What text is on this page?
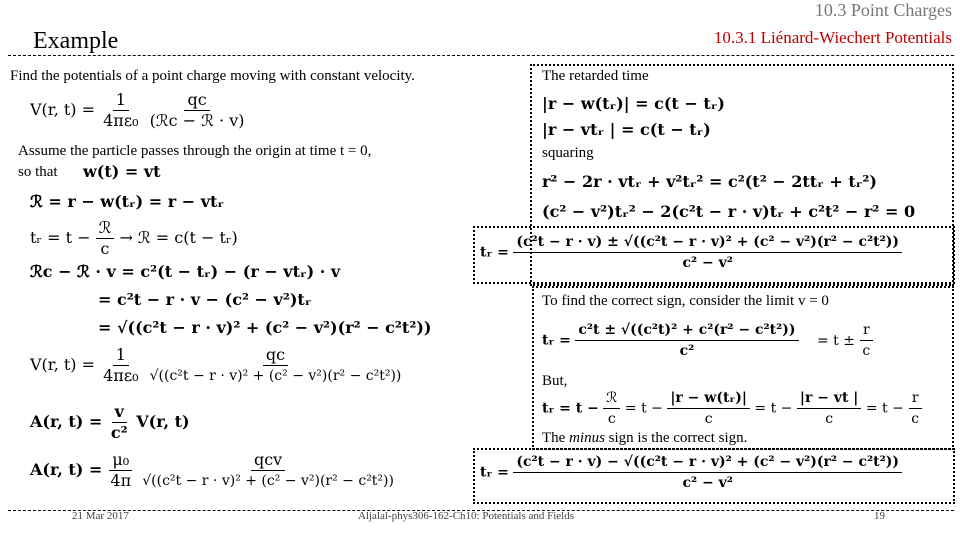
10.3 Point Charges
10.3.1 Liénard-Wiechert Potentials
Example
Find the potentials of a point charge moving with constant velocity.
V(r, $t) = \frac{1}{\text{4πε₀}}$
$\frac{qc}{\text{(ℛc − ℛ · v)}}$
Assume the particle passes through the origin at time t = 0,
so that w(t) = vt
ℛ = r − w(tᵣ) = r − vtᵣ
tᵣ = $t - \frac{\text{ℛ}}{c}$ → ℛ = c(t − tᵣ)
ℛc − ℛ · v = c²(t − tᵣ) − (r − vtᵣ) · v
= c²t − r · v − (c² − v²)tᵣ
= √((c²t − r · v)² + (c² − v²)(r² − c²t²))
V(r, $t) = \frac{1}{\text{4πε₀}}$
$\frac{qc}{\text{√((c²t − r · v)² + (c² − v²)(r² − c²t²))}}$
A(r, $t) = \frac{v}{\text{c²}} V(r$, t)
A(r, $t) = \frac{\text{μ₀}}{4\pi}$
$\frac{\text{qcv}}{\text{√((c²t − r · v)² + (c² − v²)(r² − c²t²))}}$
The retarded time
|r − w(tᵣ)| = c(t − tᵣ)
|r − vtᵣ | = c(t − tᵣ)
squaring
r² − 2r · vtᵣ + v²tᵣ² = c²(t² − 2ttᵣ + tᵣ²)
(c² − v²)tᵣ² − 2(c²t − r · v)tᵣ + c²t² − r² = 0
tᵣ = $\frac{\text{(c²t − r · v) ± √((c²t − r · v)² + (c² − v²)(r² − c²t²))}}{\text{c² − v²}}$
To find the correct sign, consider the limit v = 0
tᵣ = $\frac{\text{c²t ± √((c²t)² + c²(r² − c²t²))}}{\text{c²}} = t \pm \frac{r}{c}$
But,
tᵣ = $t - \frac{\text{ℛ}}{c} = t - \frac{\text{|r − w(tᵣ)|}}{c} = t - \frac{|r - vt |}{c} = t - \frac{r}{c}$
The minus sign is the correct sign.
tᵣ = $\frac{\text{(c²t − r · v) − √((c²t − r · v)² + (c² − v²)(r² − c²t²))}}{\text{c² − v²}}$
21 Mar 2017	Aljalal-phys306-162-Ch10: Potentials and Fields	19
